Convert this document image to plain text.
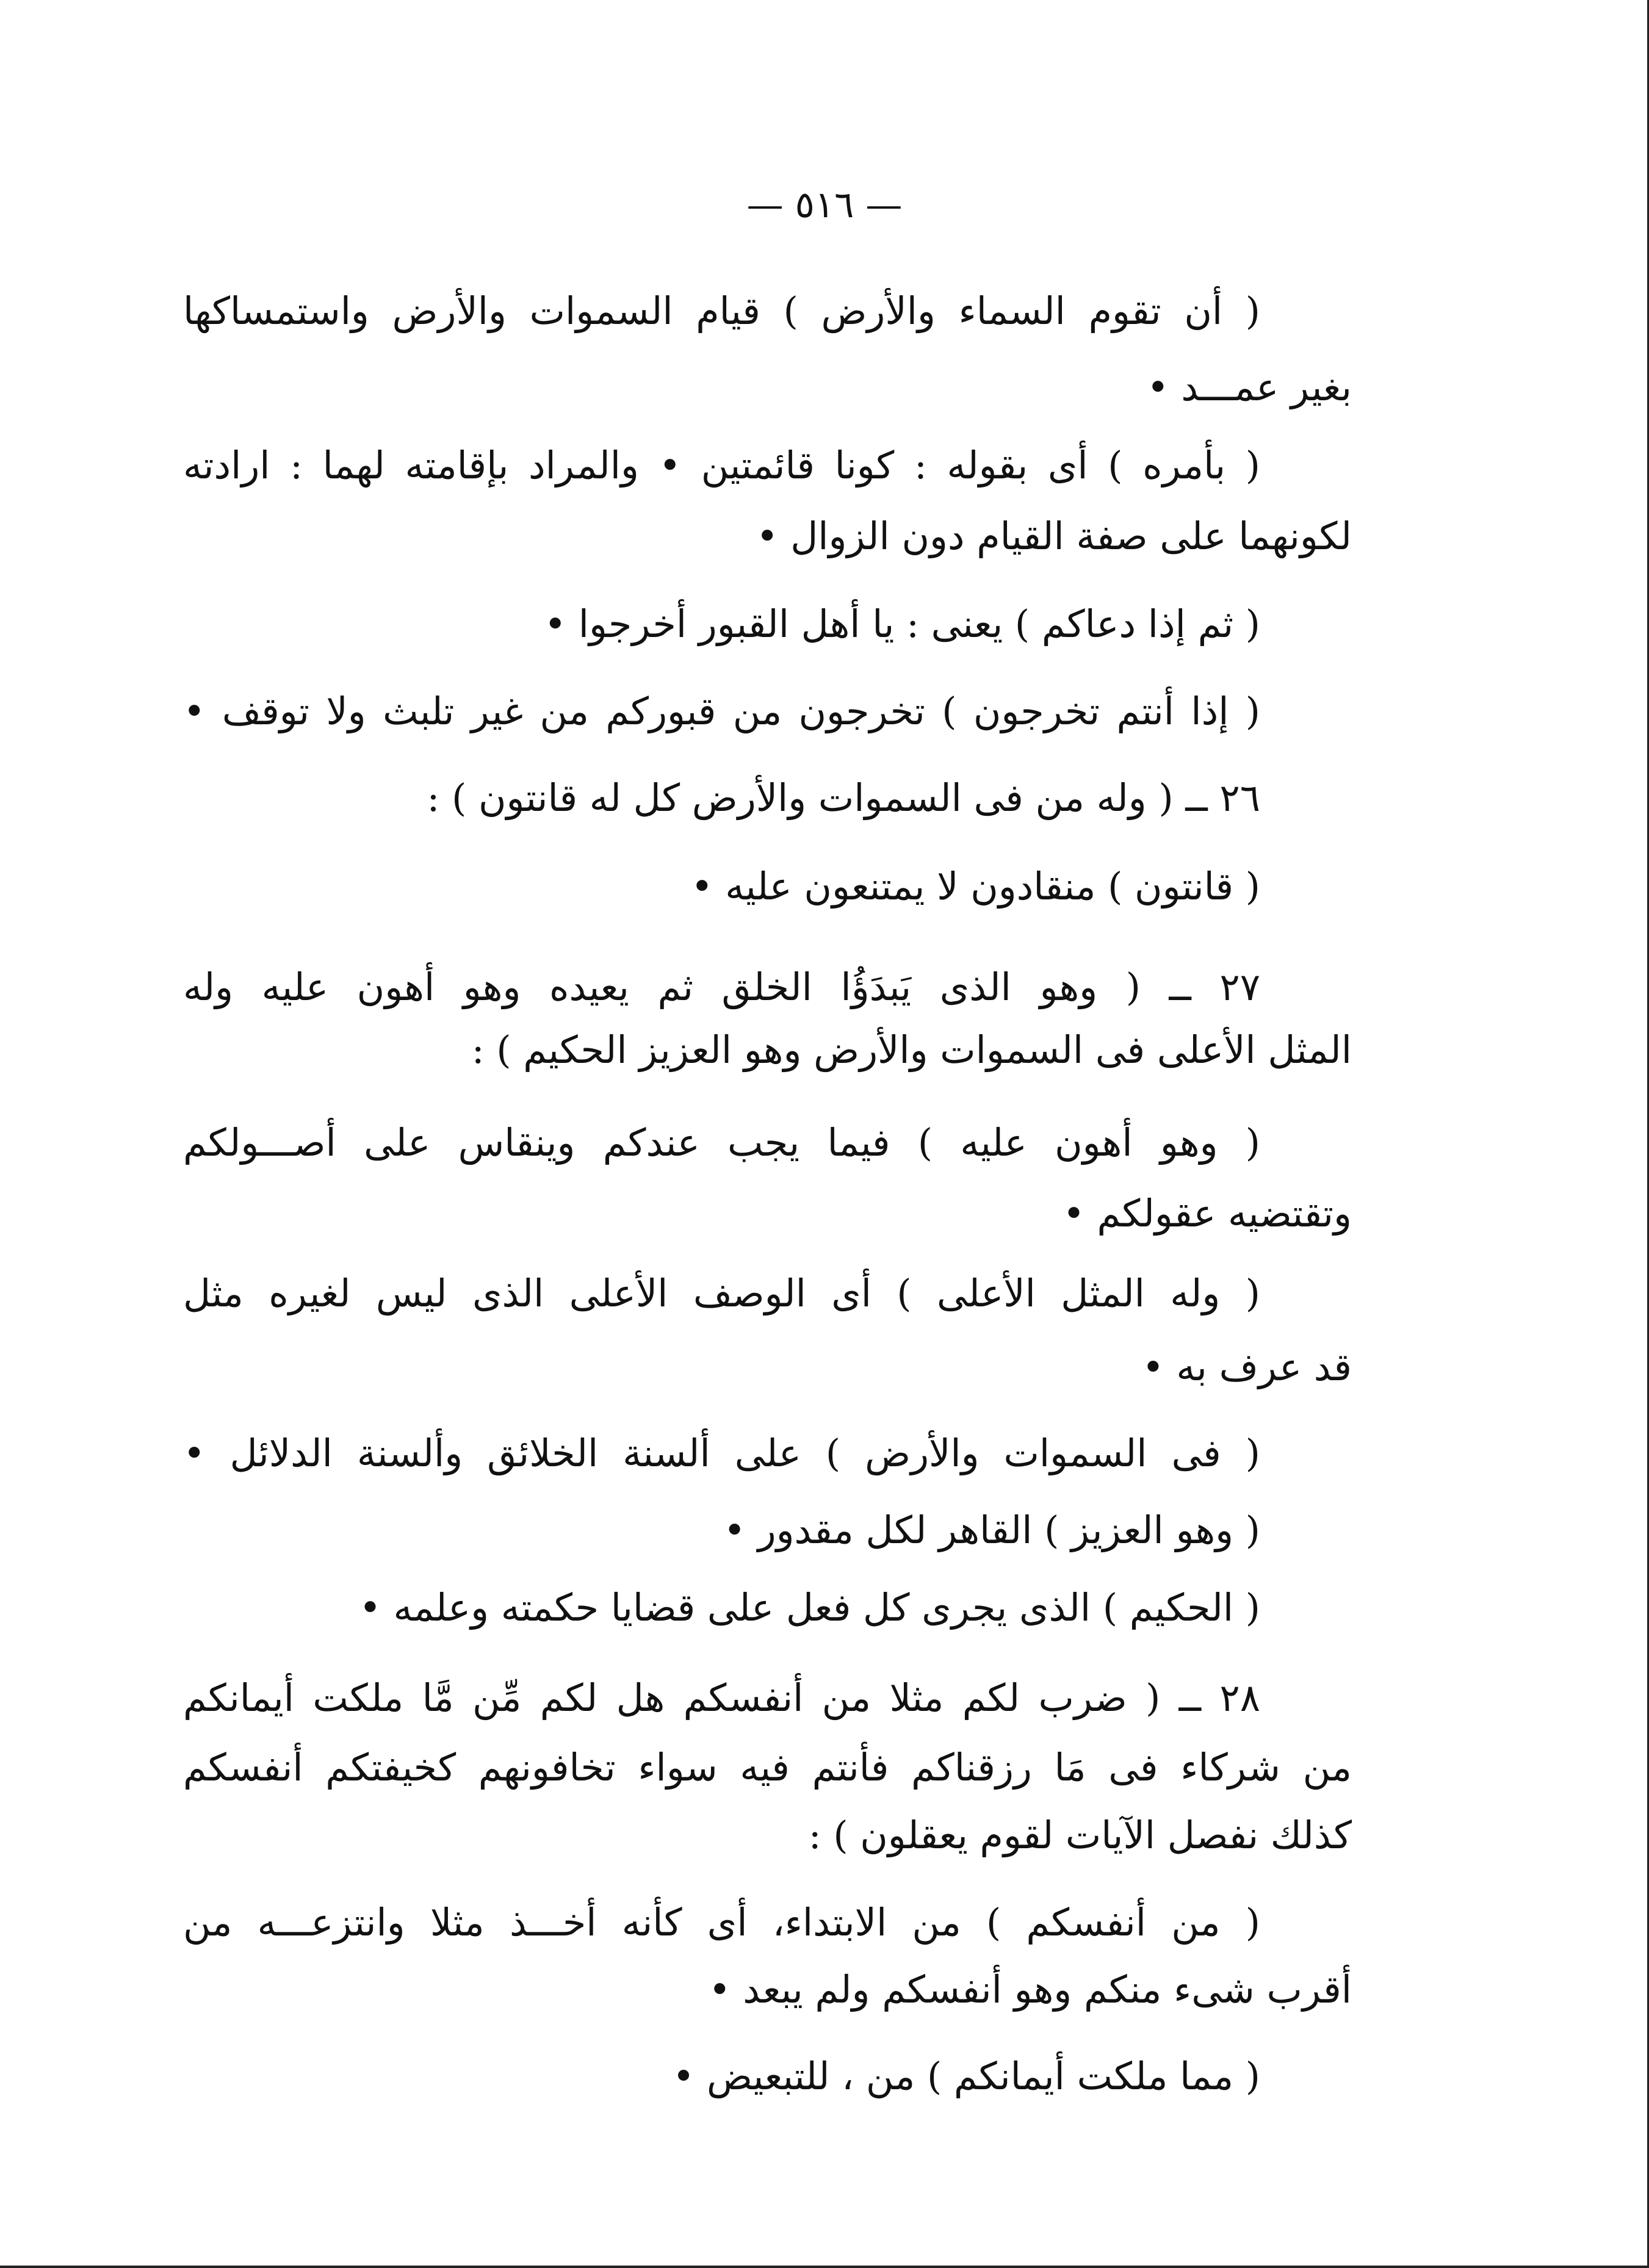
— ٥١٦ —
( أن تقوم السماء والأرض ) قيام السموات والأرض واستمساكها
بغير عمـــد •
( بأمره ) أى بقوله : كونا قائمتين • والمراد بإقامته لهما : ارادته
لكونهما على صفة القيام دون الزوال •
( ثم إذا دعاكم ) يعنى : يا أهل القبور أخرجوا •
( إذا أنتم تخرجون ) تخرجون من قبوركم من غير تلبث ولا توقف •
٢٦ ــ ( وله من فى السموات والأرض كل له قانتون ) :
( قانتون ) منقادون لا يمتنعون عليه •
٢٧ ــ ( وهو الذى يَبدَؤُا الخلق ثم يعيده وهو أهون عليه وله
المثل الأعلى فى السموات والأرض وهو العزيز الحكيم ) :
( وهو أهون عليه ) فيما يجب عندكم وينقاس على أصـــولكم
وتقتضيه عقولكم •
( وله المثل الأعلى ) أى الوصف الأعلى الذى ليس لغيره مثل
قد عرف به •
( فى السموات والأرض ) على ألسنة الخلائق وألسنة الدلائل •
( وهو العزيز ) القاهر لكل مقدور •
( الحكيم ) الذى يجرى كل فعل على قضايا حكمته وعلمه •
٢٨ ــ ( ضرب لكم مثلا من أنفسكم هل لكم مِّن مَّا ملكت أيمانكم
من شركاء فى مَا رزقناكم فأنتم فيه سواء تخافونهم كخيفتكم أنفسكم
كذلك نفصل الآيات لقوم يعقلون ) :
( من أنفسكم ) من الابتداء، أى كأنه أخـــذ مثلا وانتزعـــه من
أقرب شىء منكم وهو أنفسكم ولم يبعد •
( مما ملكت أيمانكم ) من ، للتبعيض •
